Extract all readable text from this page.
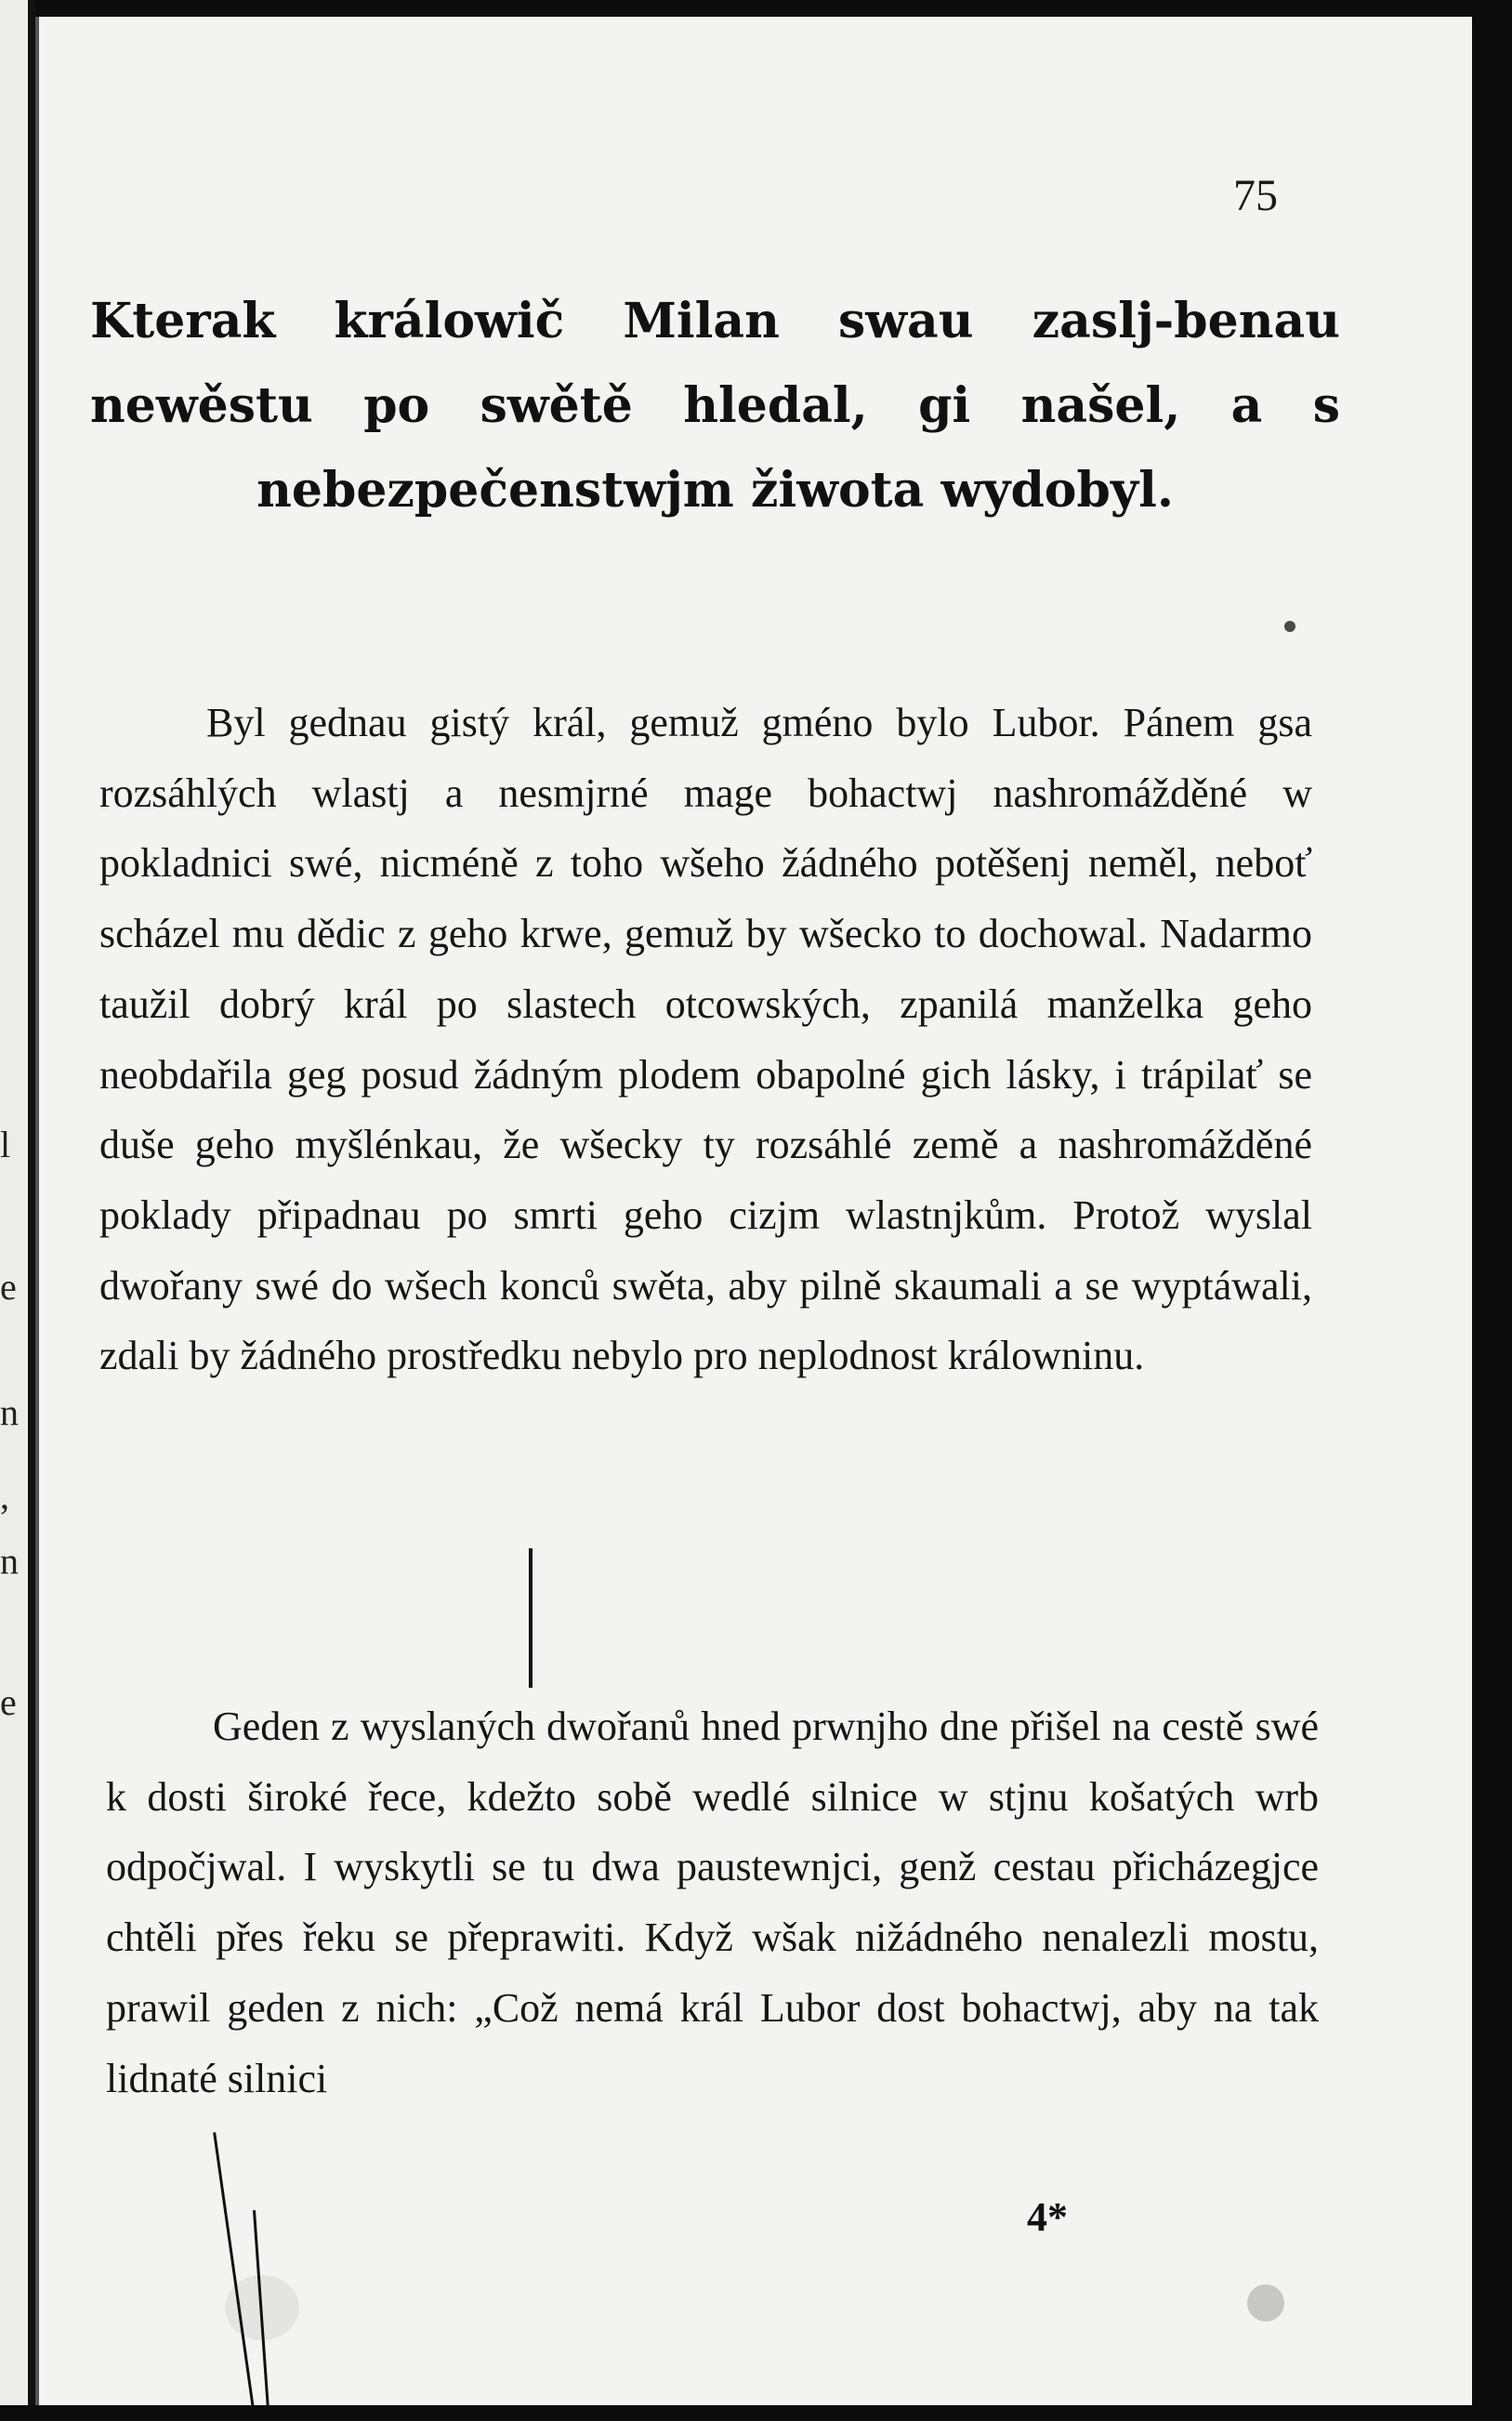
l
e
n
,
n
e
75
Kterak králowič Milan swau zaslj-benau newěstu po swětě hledal, gi našel, a s nebezpečenstwjm žiwota wydobyl.

Byl gednau gistý král, gemuž gméno bylo Lubor. Pánem gsa rozsáhlých wlastj a nesmjrné mage bohactwj nashromážděné w pokladnici swé, nicméně z toho wšeho žádného potěšenj neměl, neboť scházel mu dědic z geho krwe, gemuž by wšecko to dochowal. Nadarmo taužil dobrý král po slastech otcowských, zpanilá manželka geho neobdařila geg posud žádným plodem obapolné gich lásky, i trápilať se duše geho myšlénkau, že wšecky ty rozsáhlé země a nashromážděné poklady připadnau po smrti geho cizjm wlastnjkům. Protož wyslal dwořany swé do wšech konců swěta, aby pilně skaumali a se wyptáwali, zdali by žádného prostředku nebylo pro neplodnost králowninu.

Geden z wyslaných dwořanů hned prwnjho dne přišel na cestě swé k dosti široké řece, kdežto sobě wedlé silnice w stjnu košatých wrb odpočjwal. I wyskytli se tu dwa paustewnjci, genž cestau přicházegjce chtěli přes řeku se přeprawiti. Když wšak nižádného nenalezli mostu, prawil geden z nich: „Což nemá král Lubor dost bohactwj, aby na tak lidnaté silnici

4*
